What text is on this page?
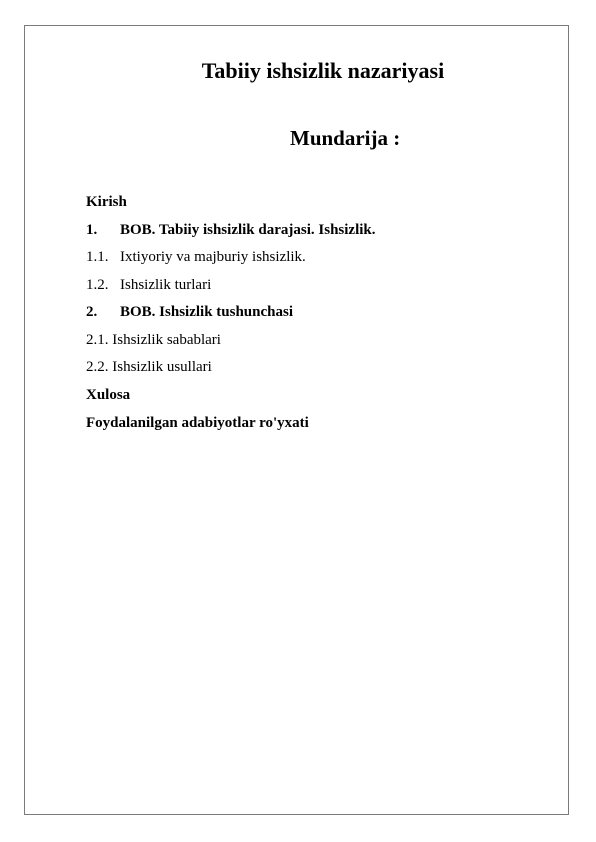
Tabiiy ishsizlik nazariyasi
Mundarija :
Kirish
1. BOB. Tabiiy ishsizlik darajasi. Ishsizlik.
1.1. Ixtiyoriy va majburiy ishsizlik.
1.2. Ishsizlik turlari
2. BOB. Ishsizlik tushunchasi
2.1. Ishsizlik sabablari
2.2. Ishsizlik usullari
Xulosa
Foydalanilgan adabiyotlar ro'yxati
